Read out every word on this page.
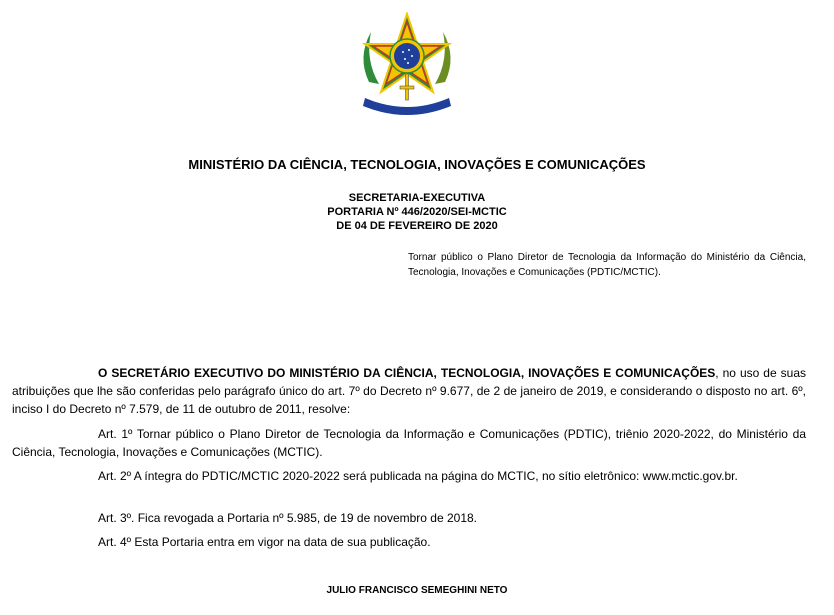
MINISTÉRIO DA CIÊNCIA, TECNOLOGIA, INOVAÇÕES E COMUNICAÇÕES
SECRETARIA-EXECUTIVA
PORTARIA Nº 446/2020/SEI-MCTIC
DE 04 DE FEVEREIRO DE 2020
Tornar público o Plano Diretor de Tecnologia da Informação do Ministério da Ciência, Tecnologia, Inovações e Comunicações (PDTIC/MCTIC).

O SECRETÁRIO EXECUTIVO DO MINISTÉRIO DA CIÊNCIA, TECNOLOGIA, INOVAÇÕES E COMUNICAÇÕES, no uso de suas atribuições que lhe são conferidas pelo parágrafo único do art. 7º do Decreto nº 9.677, de 2 de janeiro de 2019, e considerando o disposto no art. 6º, inciso I do Decreto nº 7.579, de 11 de outubro de 2011, resolve:

Art. 1º Tornar público o Plano Diretor de Tecnologia da Informação e Comunicações (PDTIC), triênio 2020-2022, do Ministério da Ciência, Tecnologia, Inovações e Comunicações (MCTIC).

Art. 2º A íntegra do PDTIC/MCTIC 2020-2022 será publicada na página do MCTIC, no sítio eletrônico: www.mctic.gov.br.

Art. 3º. Fica revogada a Portaria nº 5.985, de 19 de novembro de 2018.

Art. 4º Esta Portaria entra em vigor na data de sua publicação.

JULIO FRANCISCO SEMEGHINI NETO
